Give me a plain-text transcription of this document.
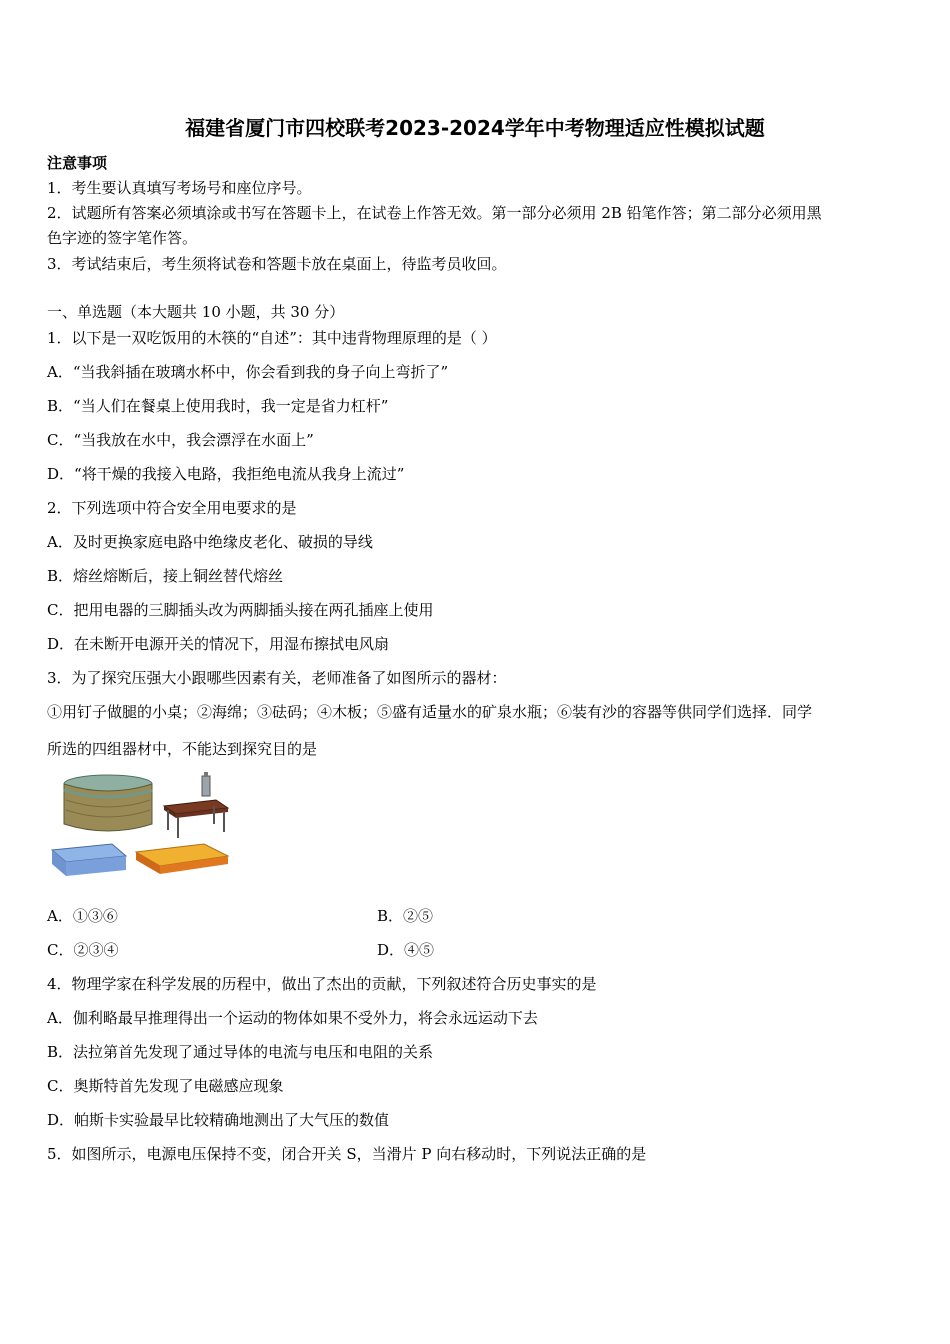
福建省厦门市四校联考2023-2024学年中考物理适应性模拟试题
注意事项
1．考生要认真填写考场号和座位序号。
2．试题所有答案必须填涂或书写在答题卡上，在试卷上作答无效。第一部分必须用 2B 铅笔作答；第二部分必须用黑
色字迹的签字笔作答。
3．考试结束后，考生须将试卷和答题卡放在桌面上，待监考员收回。
一、单选题（本大题共 10 小题，共 30 分）
1．以下是一双吃饭用的木筷的“自述”：其中违背物理原理的是（ ）
A．“当我斜插在玻璃水杯中，你会看到我的身子向上弯折了”
B．“当人们在餐桌上使用我时，我一定是省力杠杆”
C．“当我放在水中，我会漂浮在水面上”
D．“将干燥的我接入电路，我拒绝电流从我身上流过”
2．下列选项中符合安全用电要求的是
A．及时更换家庭电路中绝缘皮老化、破损的导线
B．熔丝熔断后，接上铜丝替代熔丝
C．把用电器的三脚插头改为两脚插头接在两孔插座上使用
D．在未断开电源开关的情况下，用湿布擦拭电风扇
3．为了探究压强大小跟哪些因素有关，老师准备了如图所示的器材：
①用钉子做腿的小桌；②海绵；③砝码；④木板；⑤盛有适量水的矿泉水瓶；⑥装有沙的容器等供同学们选择．同学
所选的四组器材中，不能达到探究目的是
A．①③⑥	B．②⑤
C．②③④	D．④⑤
4．物理学家在科学发展的历程中，做出了杰出的贡献，下列叙述符合历史事实的是
A．伽利略最早推理得出一个运动的物体如果不受外力，将会永远运动下去
B．法拉第首先发现了通过导体的电流与电压和电阻的关系
C．奥斯特首先发现了电磁感应现象
D．帕斯卡实验最早比较精确地测出了大气压的数值
5．如图所示，电源电压保持不变，闭合开关 S，当滑片 P 向右移动时，下列说法正确的是
